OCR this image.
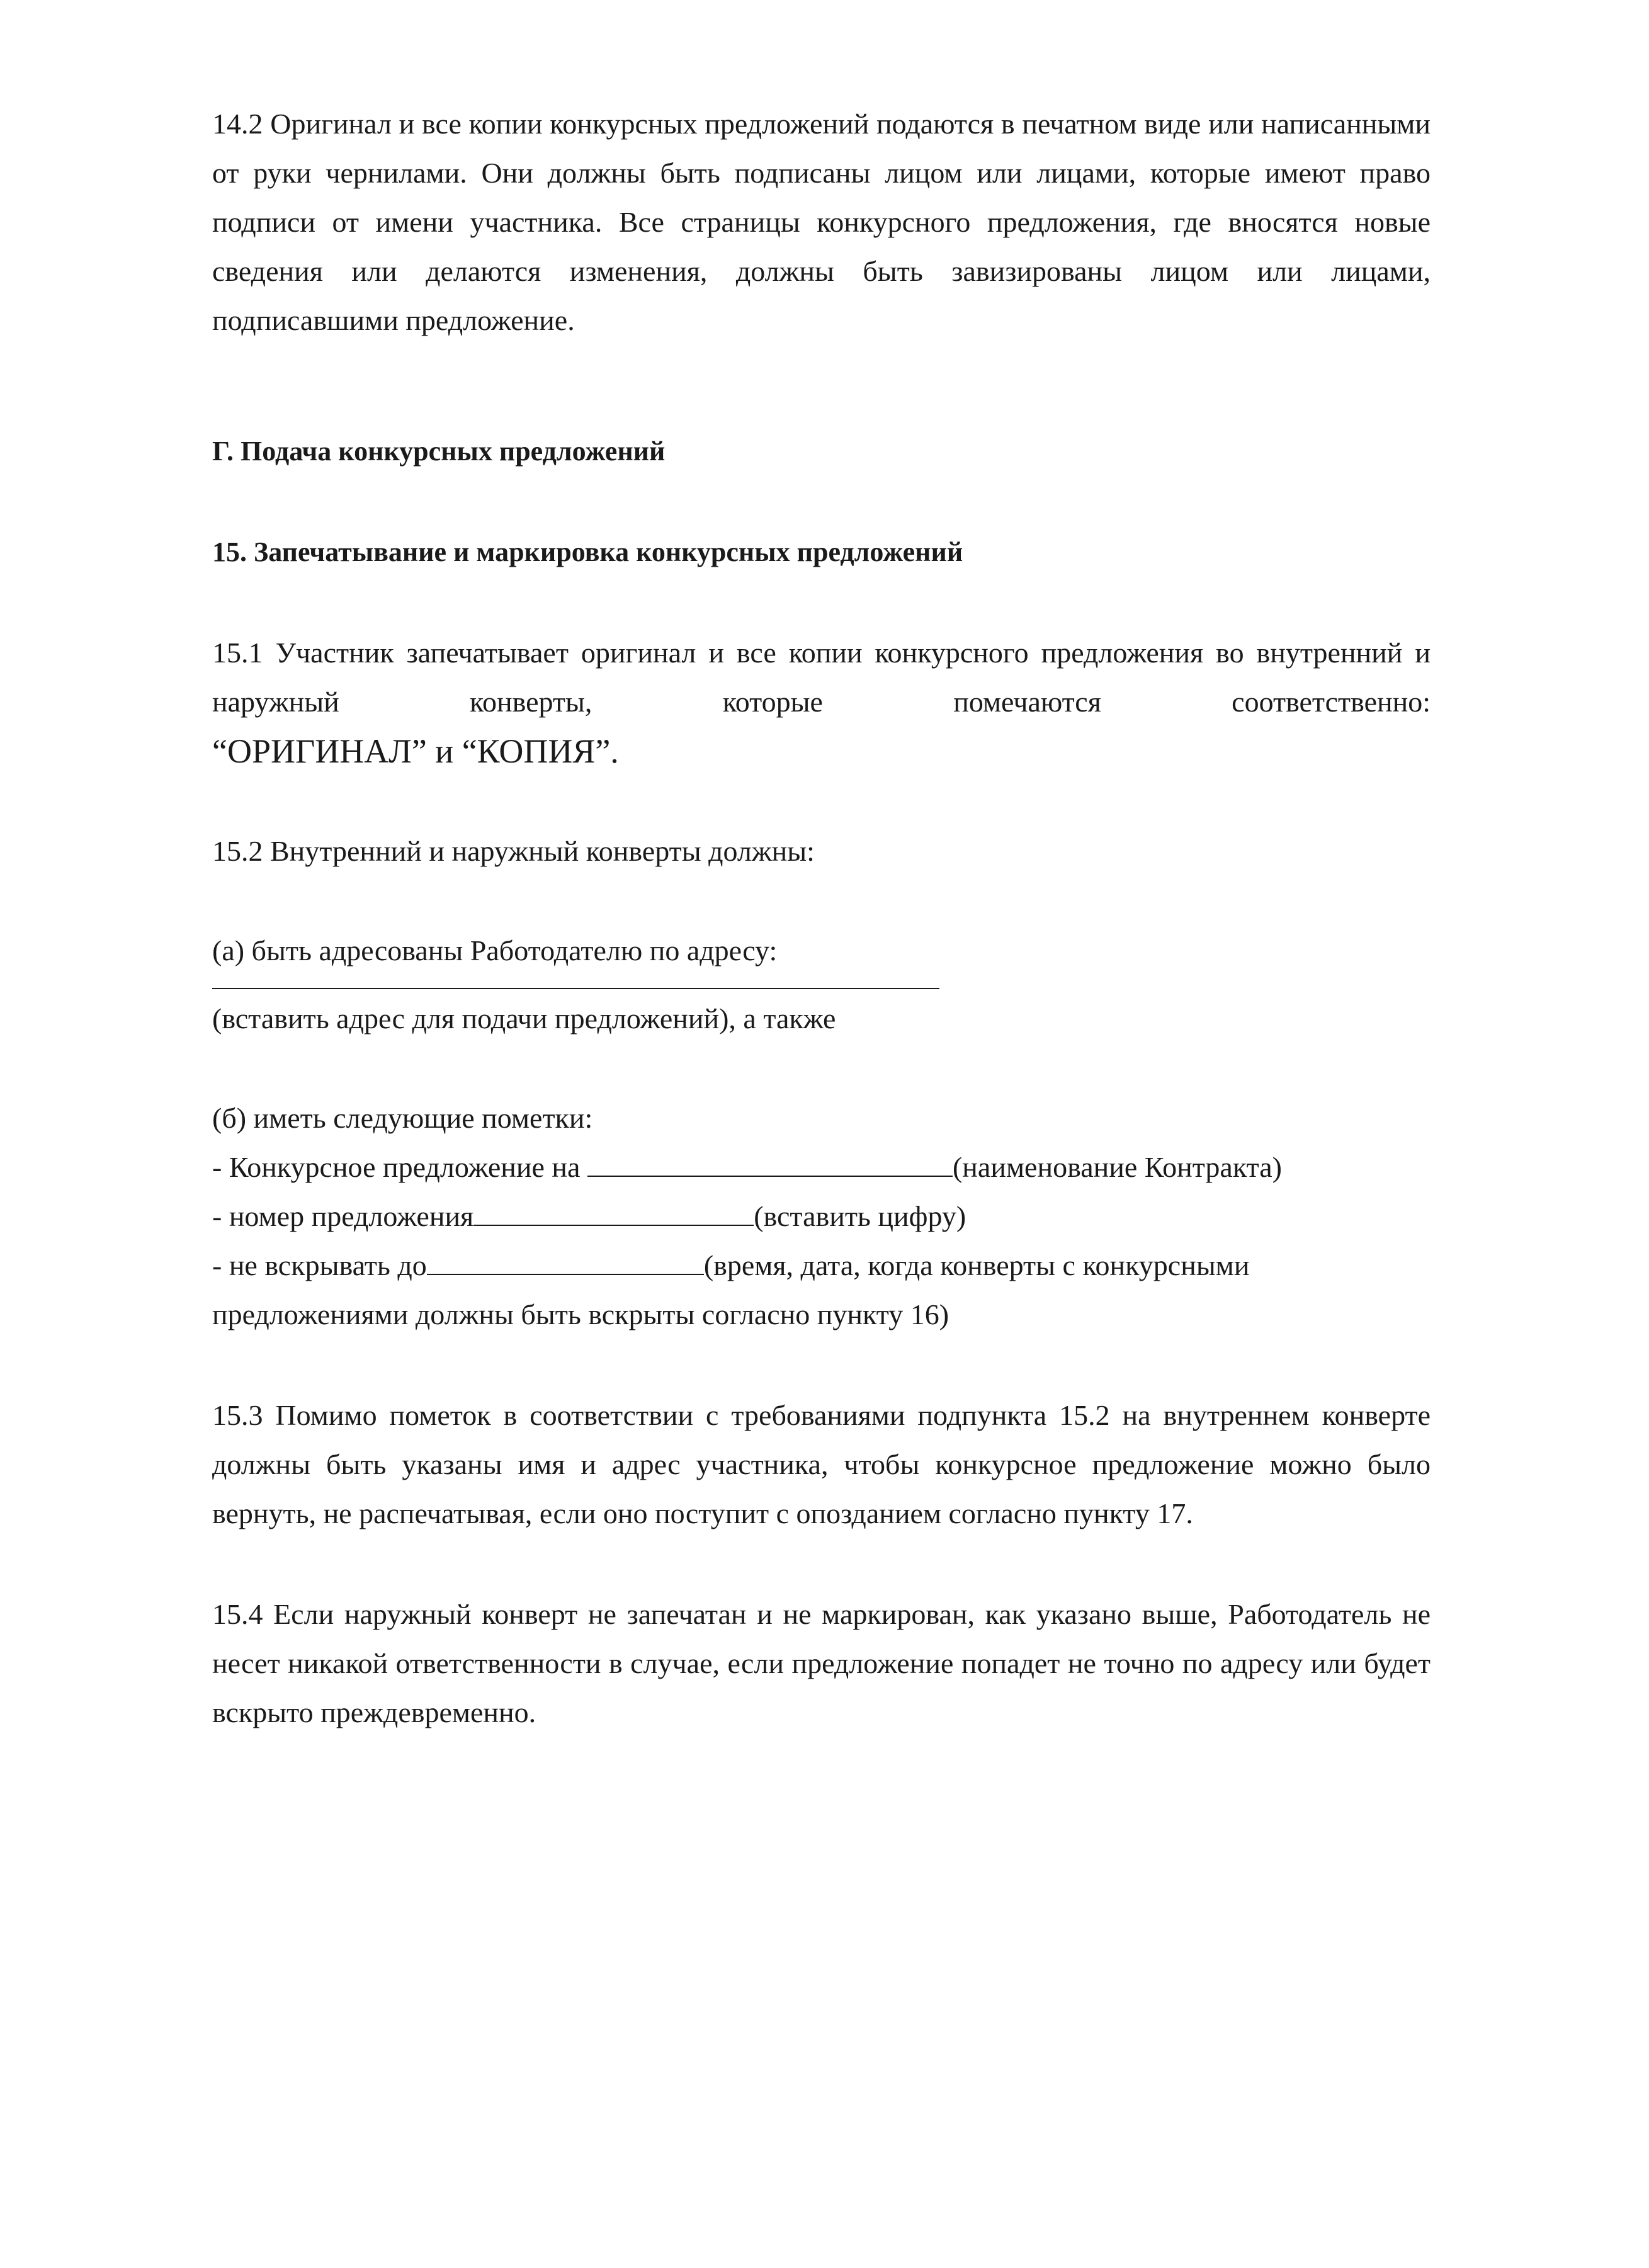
14.2 Оригинал и все копии конкурсных предложений подаются в печатном виде или написанными от руки чернилами. Они должны быть подписаны лицом или лицами, которые имеют право подписи от имени участника. Все страницы конкурсного предложения, где вносятся новые сведения или делаются изменения, должны быть завизированы лицом или лицами, подписавшими предложение.

Г. Подача конкурсных предложений

15. Запечатывание и маркировка конкурсных предложений

15.1 Участник запечатывает оригинал и все копии конкурсного предложения во внутренний и наружный конверты, которые помечаются соответственно:

“ОРИГИНАЛ” и “КОПИЯ”.

15.2 Внутренний и наружный конверты должны:

(а) быть адресованы Работодателю по адресу:

(вставить адрес для подачи предложений), а также

(б) иметь следующие пометки:

- Конкурсное предложение на	(наименование Контракта)

- номер предложения	(вставить цифру)

- не вскрывать до	(время, дата, когда конверты с конкурсными

предложениями должны быть вскрыты согласно пункту 16)

15.3 Помимо пометок в соответствии с требованиями подпункта 15.2 на внутреннем конверте должны быть указаны имя и адрес участника, чтобы конкурсное предложение можно было вернуть, не распечатывая, если оно поступит с опозданием согласно пункту 17.

15.4 Если наружный конверт не запечатан и не маркирован, как указано выше, Работодатель не несет никакой ответственности в случае, если предложение попадет не точно по адресу или будет вскрыто преждевременно.
